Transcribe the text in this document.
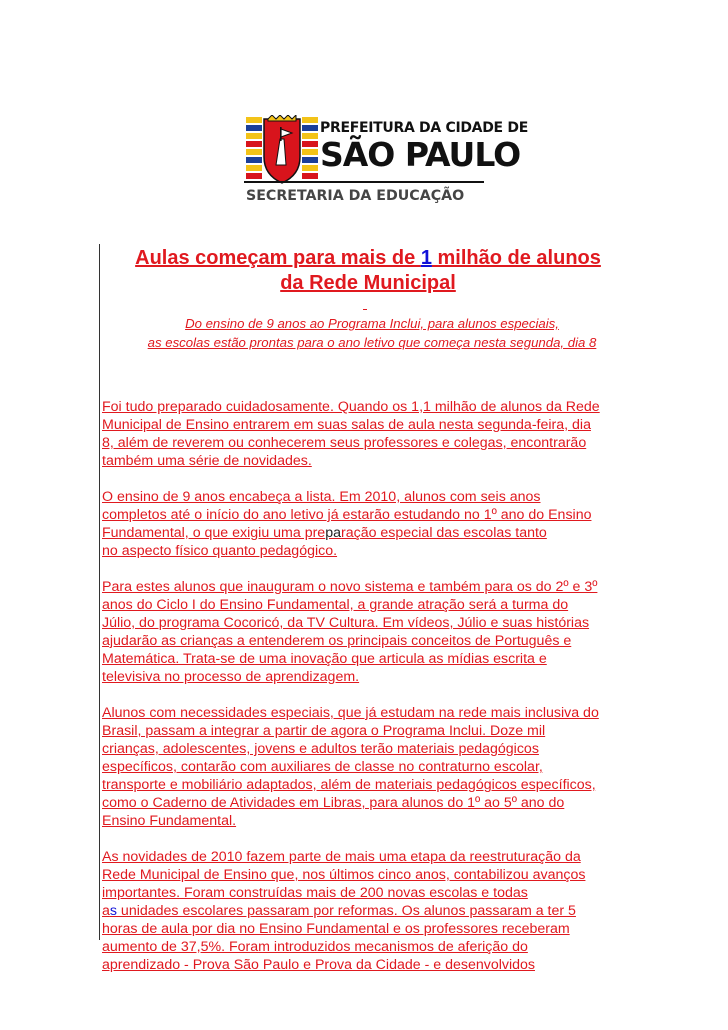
PREFEITURA DA CIDADE DE
SÃO PAULO
SECRETARIA DA EDUCAÇÃO
Aulas começam para mais de 1 milhão de alunos
da Rede Municipal
Do ensino de 9 anos ao Programa Inclui, para alunos especiais,
as escolas estão prontas para o ano letivo que começa nesta segunda, dia 8
Foi tudo preparado cuidadosamente. Quando os 1,1 milhão de alunos da Rede
Municipal de Ensino entrarem em suas salas de aula nesta segunda-feira, dia
8, além de reverem ou conhecerem seus professores e colegas, encontrarão
também uma série de novidades.
O ensino de 9 anos encabeça a lista. Em 2010, alunos com seis anos
completos até o início do ano letivo já estarão estudando no 1º ano do Ensino
Fundamental, o que exigiu uma preparação especial das escolas tanto
no aspecto físico quanto pedagógico.
Para estes alunos que inauguram o novo sistema e também para os do 2º e 3º
anos do Ciclo I do Ensino Fundamental, a grande atração será a turma do
Júlio, do programa Cocoricó, da TV Cultura. Em vídeos, Júlio e suas histórias
ajudarão as crianças a entenderem os principais conceitos de Português e
Matemática. Trata-se de uma inovação que articula as mídias escrita e
televisiva no processo de aprendizagem.
Alunos com necessidades especiais, que já estudam na rede mais inclusiva do
Brasil, passam a integrar a partir de agora o Programa Inclui. Doze mil
crianças, adolescentes, jovens e adultos terão materiais pedagógicos
específicos, contarão com auxiliares de classe no contraturno escolar,
transporte e mobiliário adaptados, além de materiais pedagógicos específicos,
como o Caderno de Atividades em Libras, para alunos do 1º ao 5º ano do
Ensino Fundamental.
As novidades de 2010 fazem parte de mais uma etapa da reestruturação da
Rede Municipal de Ensino que, nos últimos cinco anos, contabilizou avanços
importantes. Foram construídas mais de 200 novas escolas e todas
as unidades escolares passaram por reformas. Os alunos passaram a ter 5
horas de aula por dia no Ensino Fundamental e os professores receberam
aumento de 37,5%. Foram introduzidos mecanismos de aferição do
aprendizado - Prova São Paulo e Prova da Cidade - e desenvolvidos
